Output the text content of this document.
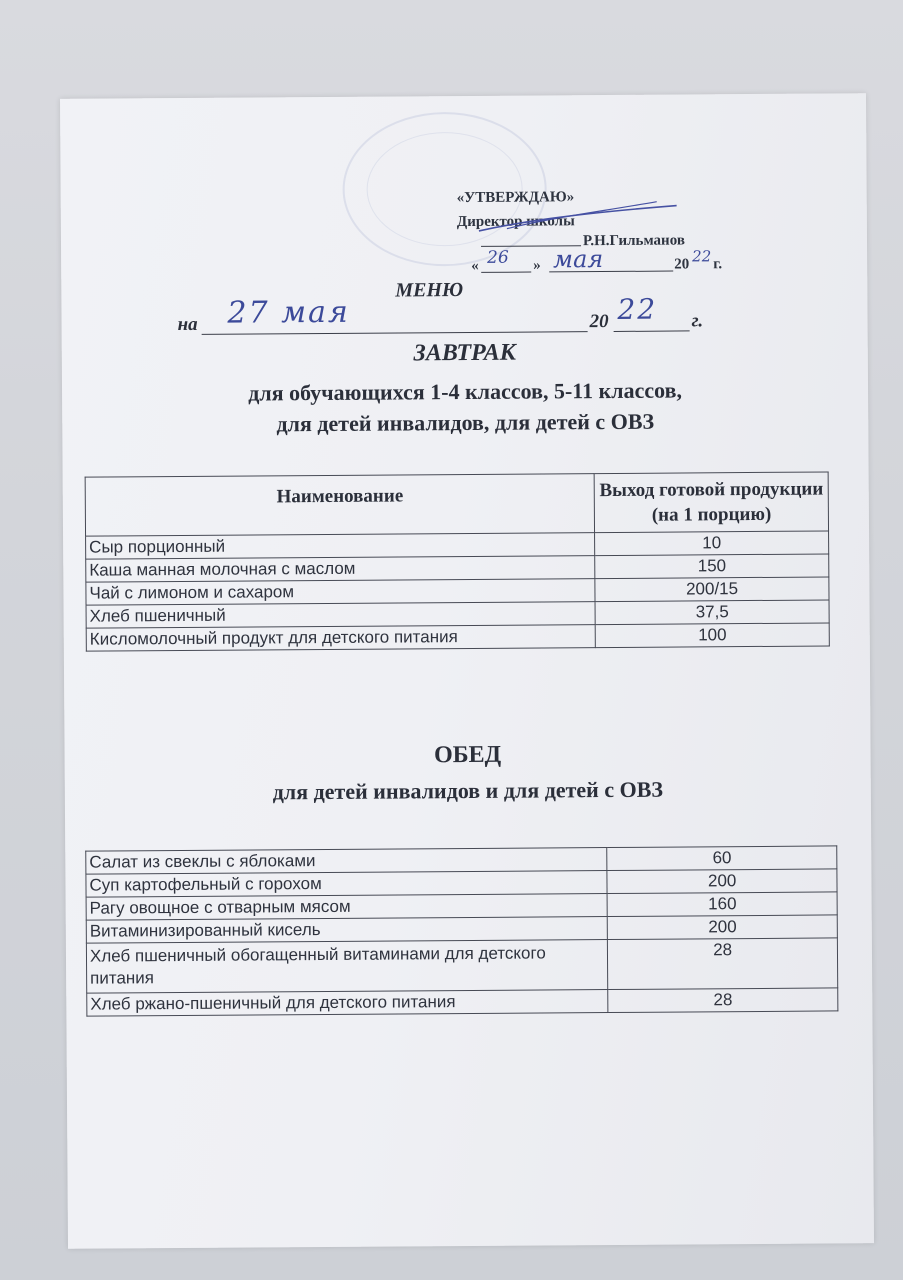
«УТВЕРЖДАЮ»
Директор школы
Р.Н.Гильманов
« 26 » мая	20 22 г.
МЕНЮ
на 27 мая	20 22 г.
ЗАВТРАК
для обучающихся 1-4 классов, 5-11 классов,
для детей инвалидов, для детей с ОВЗ
Наименование	Выход готовой продукции
(на 1 порцию)
Сыр порционный	10
Каша манная молочная с маслом	150
Чай с лимоном и сахаром	200/15
Хлеб пшеничный	37,5
Кисломолочный продукт для детского питания	100
ОБЕД
для детей инвалидов и для детей с ОВЗ
Салат из свеклы с яблоками	60
Суп картофельный с горохом	200
Рагу овощное с отварным мясом	160
Витаминизированный кисель	200
Хлеб пшеничный обогащенный витаминами для детского питания	28
Хлеб ржано-пшеничный для детского питания	28
